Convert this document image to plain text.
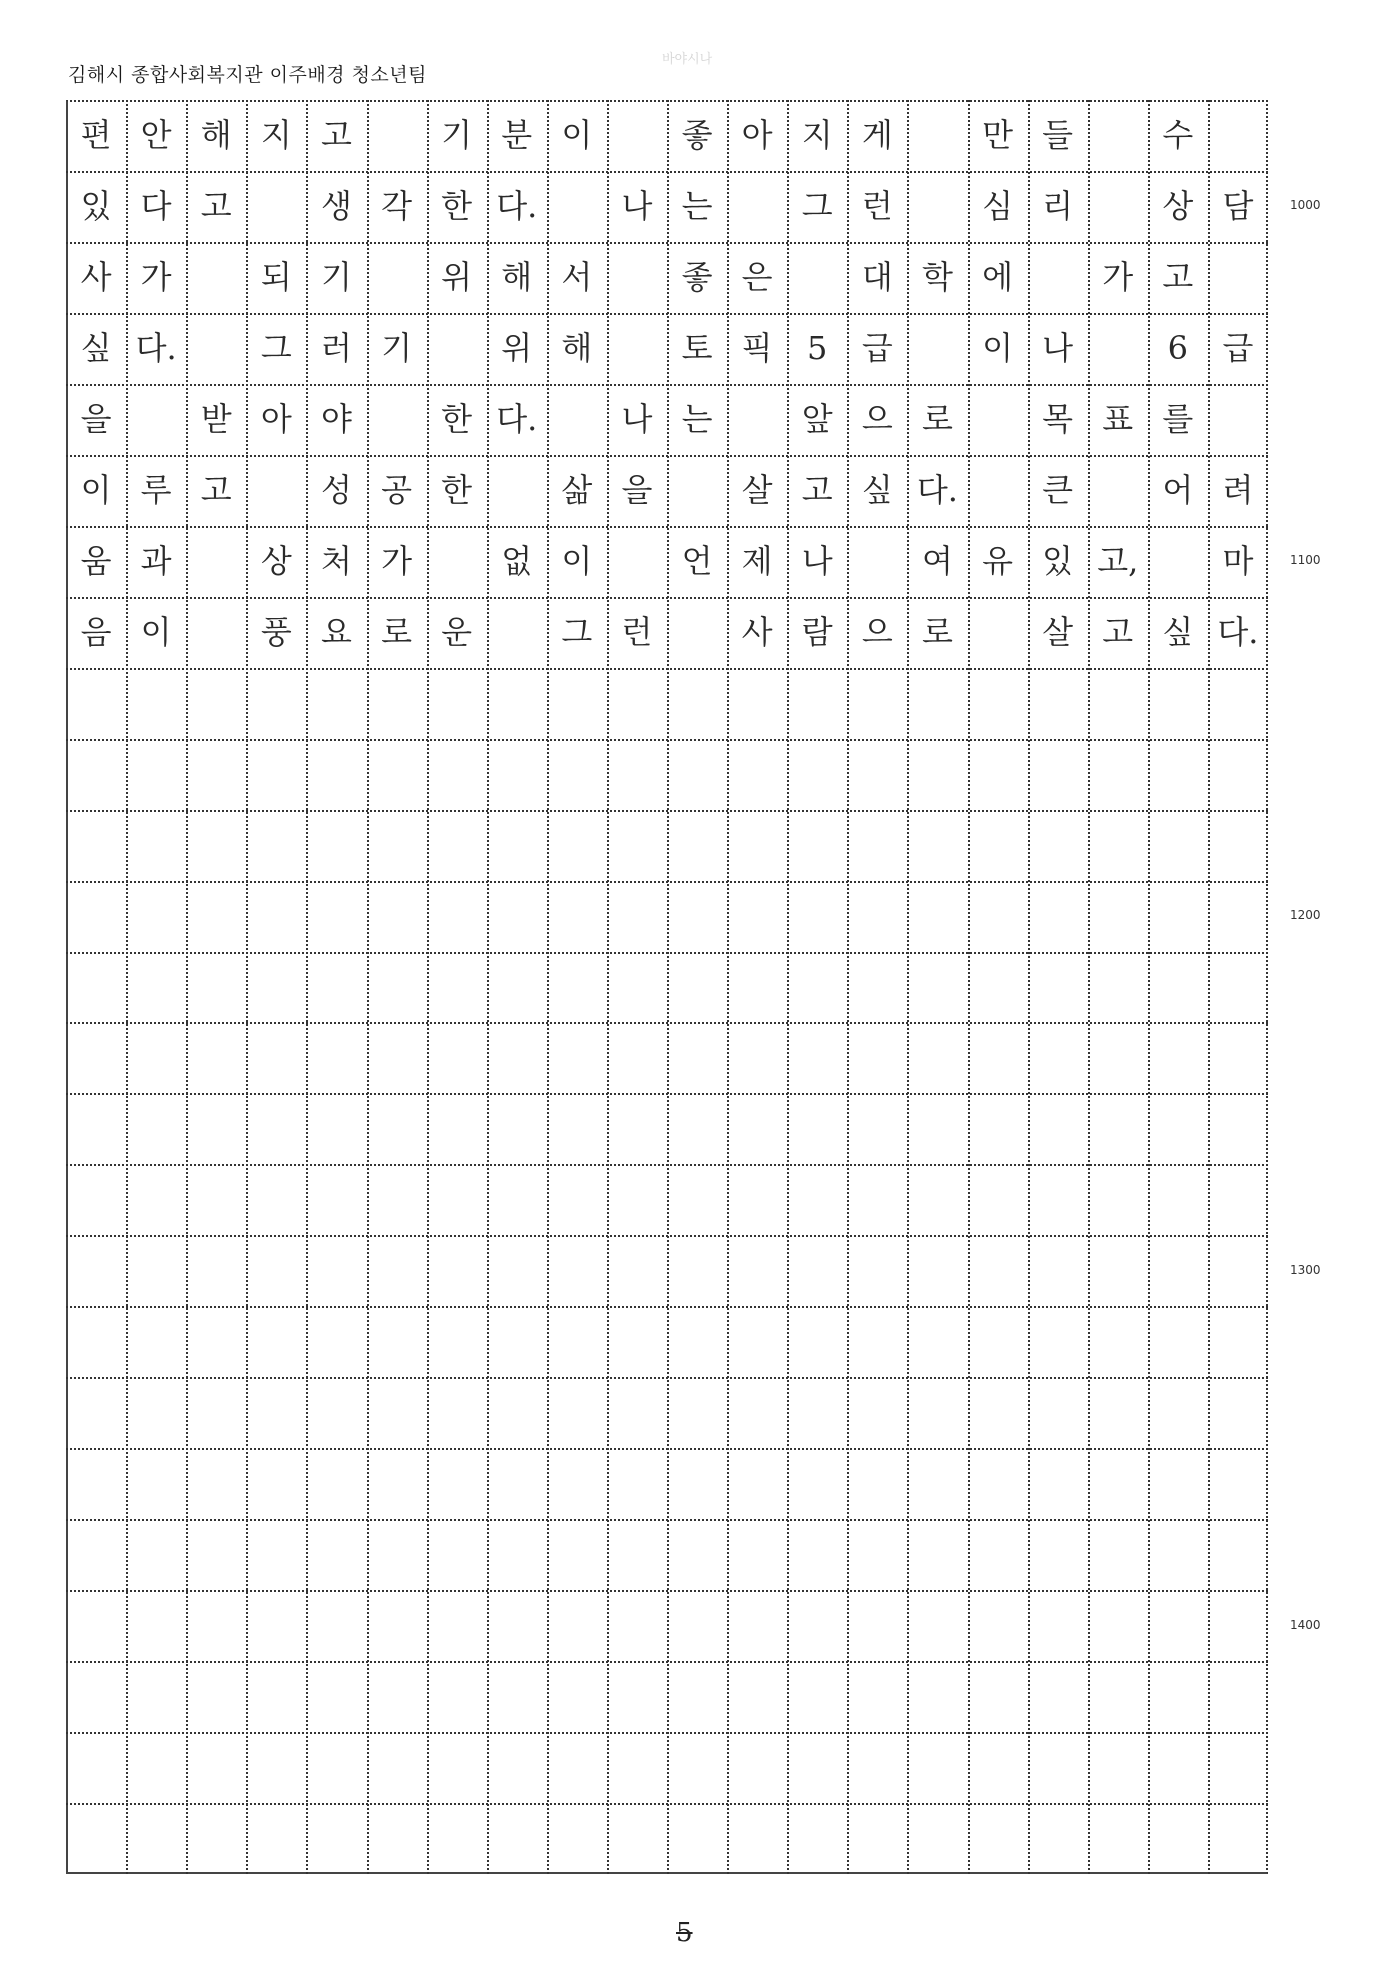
김해시 종합사회복지관 이주배경 청소년팀
바야시나
편 안 해 지 고	기 분 이	좋 아 지 게	만 들	수
있 다 고	생 각 한 다.	나 는	그 런	심 리	상 담
사 가	되 기	위 해 서	좋 은	대 학 에	가 고
싶 다.	그 러 기	위 해	토 픽	5	급	이 나	6	급
을	받 아 야	한 다.	나 는	앞 으 로	목 표 를
이 루 고	성 공 한	삶 을	살 고 싶 다.	큰	어 려
움 과	상 처 가	없 이	언 제 나	여 유 있 고,	마
음 이	풍 요 로 운	그 런	사 람 으 로	살 고 싶 다.
1000
1100
1200
1300
1400
5
